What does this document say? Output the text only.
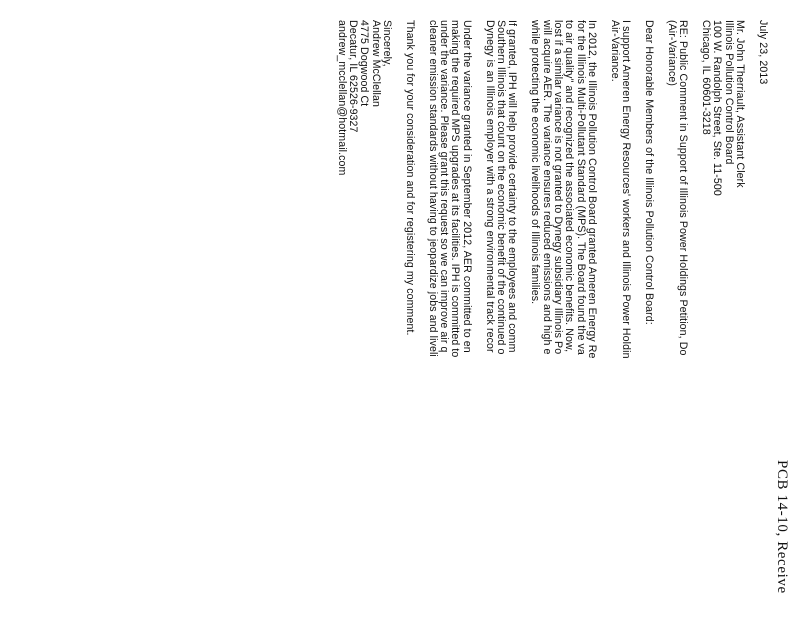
PCB 14-10, Receive
July 23, 2013
Mr. John Therriault, Assistant Clerk
Illinois Pollution Control Board
100 W. Randolph Street, Ste. 11-500
Chicago, IL 60601-3218
RE: Public Comment in Support of Illinois Power Holdings Petition, Do
(Air-Variance)
Dear Honorable Members of the Illinois Pollution Control Board:
I support Ameren Energy Resources' workers and Illinois Power Holdin
Air-Variance.
In 2012, the Illinois Pollution Control Board granted Ameren Energy Re
for the Illinois Multi-Pollutant Standard (MPS). The Board found the va
to air quality" and recognized the associated economic benefits. Now,
lost if a similar variance is not granted to Dynegy subsidiary Illinois Po
will acquire AER. The variance ensures reduced emissions and high e
while protecting the economic livelihoods of Illinois families.
If granted, IPH will help provide certainty to the employees and comm
Southern Illinois that count on the economic benefit of the continued o
Dynegy is an Illinois employer with a strong environmental track recor
Under the variance granted in September 2012, AER committed to en
making the required MPS upgrades at its facilities. IPH is committed to
under the variance. Please grant this request so we can improve air q
cleaner emission standards without having to jeopardize jobs and liveli
Thank you for your consideration and for registering my comment.
Sincerely,
Andrew McClellan
4775 Dogwood Ct
Decatur, IL 62526-9327
andrew_mcclellan@hotmail.com
